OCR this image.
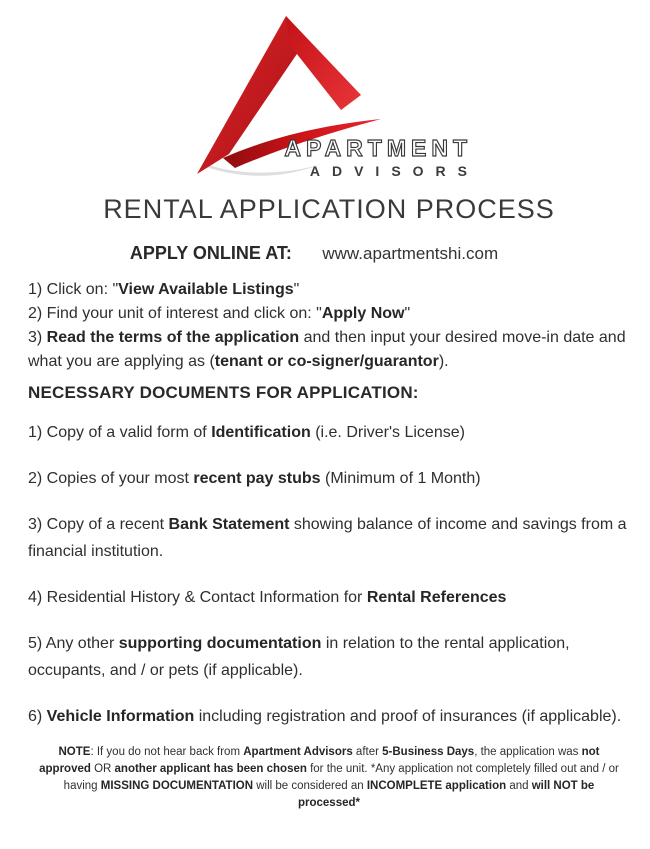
APARTMENT
ADVISORS
RENTAL APPLICATION PROCESS
APPLY ONLINE AT: www.apartmentshi.com

1) Click on: "View Available Listings"

2) Find your unit of interest and click on: "Apply Now"

3) Read the terms of the application and then input your desired move-in date and what you are applying as (tenant or co-signer/guarantor).

NECESSARY DOCUMENTS FOR APPLICATION:

1) Copy of a valid form of Identification (i.e. Driver's License)

2) Copies of your most recent pay stubs (Minimum of 1 Month)

3) Copy of a recent Bank Statement showing balance of income and savings from a financial institution.

4) Residential History & Contact Information for Rental References

5) Any other supporting documentation in relation to the rental application, occupants, and / or pets (if applicable).

6) Vehicle Information including registration and proof of insurances (if applicable).

NOTE: If you do not hear back from Apartment Advisors after 5-Business Days, the application was not approved OR another applicant has been chosen for the unit. *Any application not completely filled out and / or having MISSING DOCUMENTATION will be considered an INCOMPLETE application and will NOT be processed*
